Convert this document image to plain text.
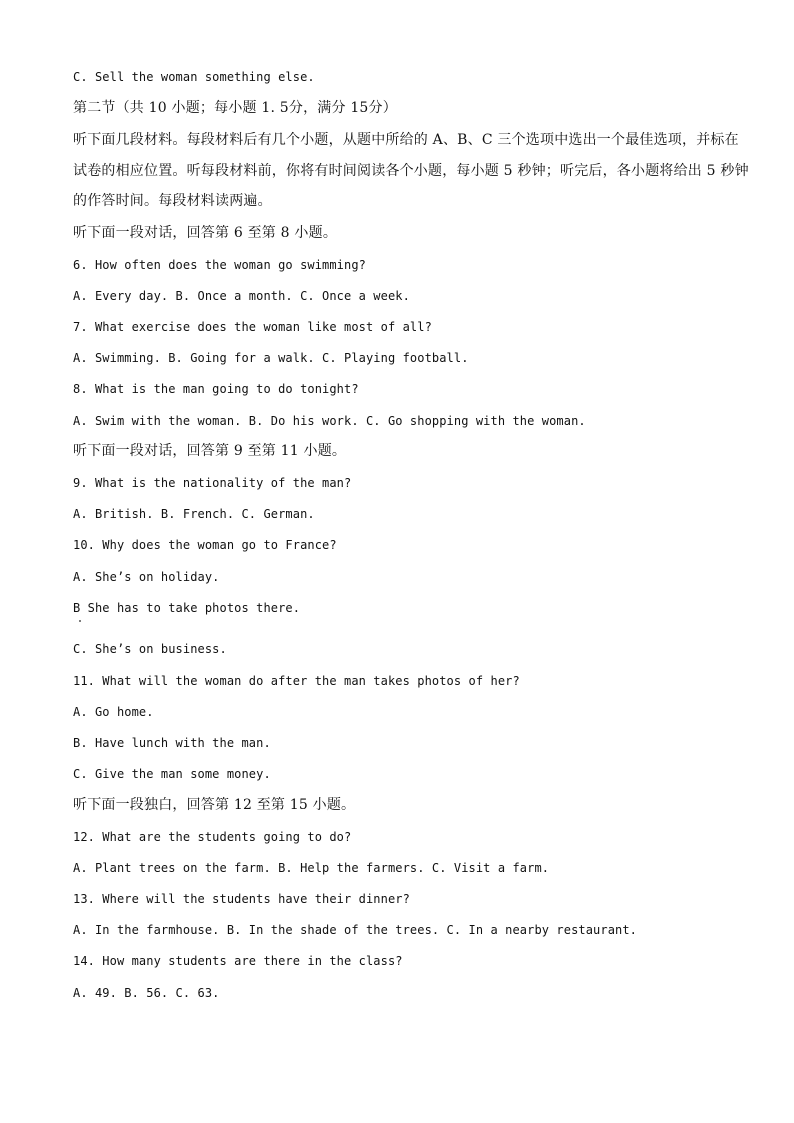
C. Sell the woman something else.
第二节（共 10 小题；每小题 1. 5分，满分 15分）
听下面几段材料。每段材料后有几个小题，从题中所给的 A、B、C 三个选项中选出一个最佳选项，并标在
试卷的相应位置。听每段材料前，你将有时间阅读各个小题，每小题 5 秒钟；听完后，各小题将给出 5 秒钟
的作答时间。每段材料读两遍。
听下面一段对话，回答第 6 至第 8 小题。
6. How often does the woman go swimming?
A. Every day. B. Once a month. C. Once a week.
7. What exercise does the woman like most of all?
A. Swimming. B. Going for a walk. C. Playing football.
8. What is the man going to do tonight?
A. Swim with the woman. B. Do his work. C. Go shopping with the woman.
听下面一段对话，回答第 9 至第 11 小题。
9. What is the nationality of the man?
A. British. B. French. C. German.
10. Why does the woman go to France?
A. She’s on holiday.
B She has to take photos there.
C. She’s on business.
11. What will the woman do after the man takes photos of her?
A. Go home.
B. Have lunch with the man.
C. Give the man some money.
听下面一段独白，回答第 12 至第 15 小题。
12. What are the students going to do?
A. Plant trees on the farm. B. Help the farmers. C. Visit a farm.
13. Where will the students have their dinner?
A. In the farmhouse. B. In the shade of the trees. C. In a nearby restaurant.
14. How many students are there in the class?
A. 49. B. 56. C. 63.
